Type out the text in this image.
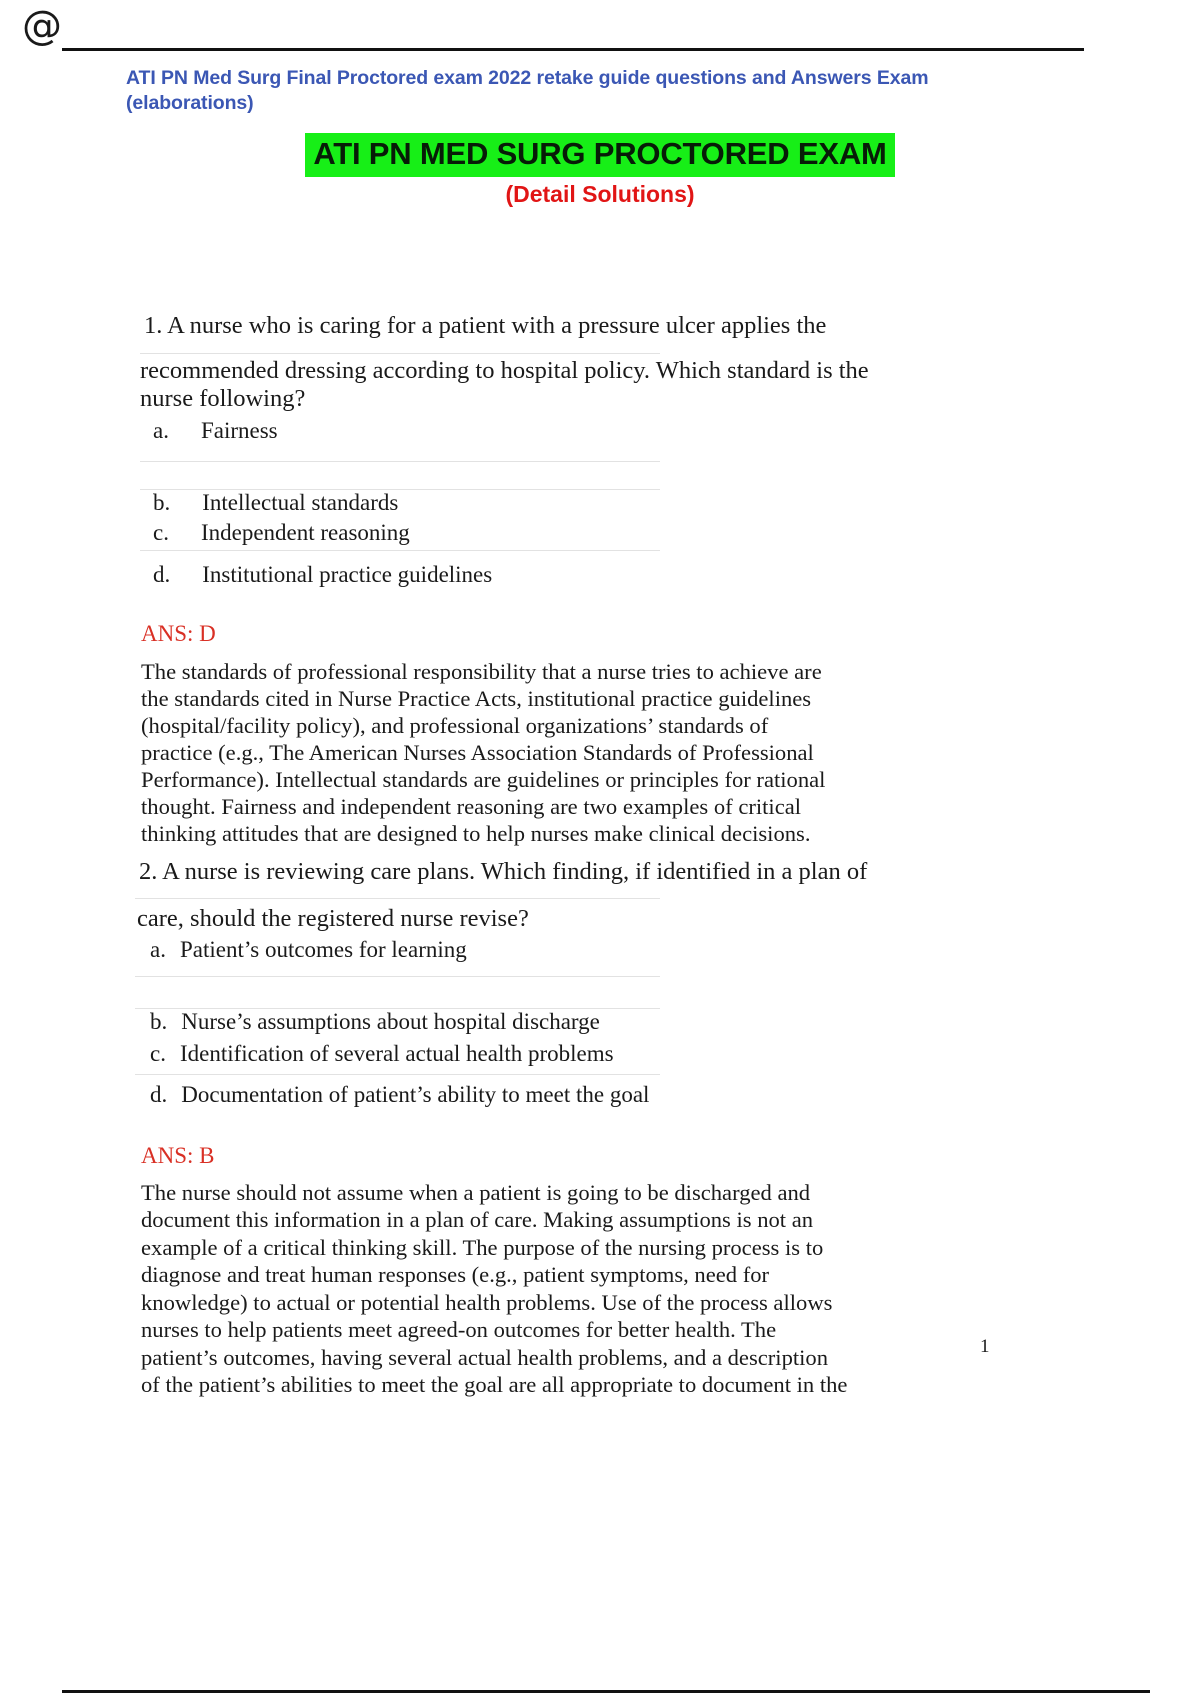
@
ATI PN Med Surg Final Proctored exam 2022 retake guide questions and Answers Exam (elaborations)
ATI PN MED SURG PROCTORED EXAM
(Detail Solutions)
1. A nurse who is caring for a patient with a pressure ulcer applies the
recommended dressing according to hospital policy. Which standard is the
nurse following?
a. Fairness
b. Intellectual standards
c. Independent reasoning
d. Institutional practice guidelines
ANS: D
The standards of professional responsibility that a nurse tries to achieve are
the standards cited in Nurse Practice Acts, institutional practice guidelines
(hospital/facility policy), and professional organizations’ standards of
practice (e.g., The American Nurses Association Standards of Professional
Performance). Intellectual standards are guidelines or principles for rational
thought. Fairness and independent reasoning are two examples of critical
thinking attitudes that are designed to help nurses make clinical decisions.
2. A nurse is reviewing care plans. Which finding, if identified in a plan of
care, should the registered nurse revise?
a. Patient’s outcomes for learning
b. Nurse’s assumptions about hospital discharge
c. Identification of several actual health problems
d. Documentation of patient’s ability to meet the goal
ANS: B
The nurse should not assume when a patient is going to be discharged and
document this information in a plan of care. Making assumptions is not an
example of a critical thinking skill. The purpose of the nursing process is to
diagnose and treat human responses (e.g., patient symptoms, need for
knowledge) to actual or potential health problems. Use of the process allows
nurses to help patients meet agreed-on outcomes for better health. The
patient’s outcomes, having several actual health problems, and a description
of the patient’s abilities to meet the goal are all appropriate to document in the
1
